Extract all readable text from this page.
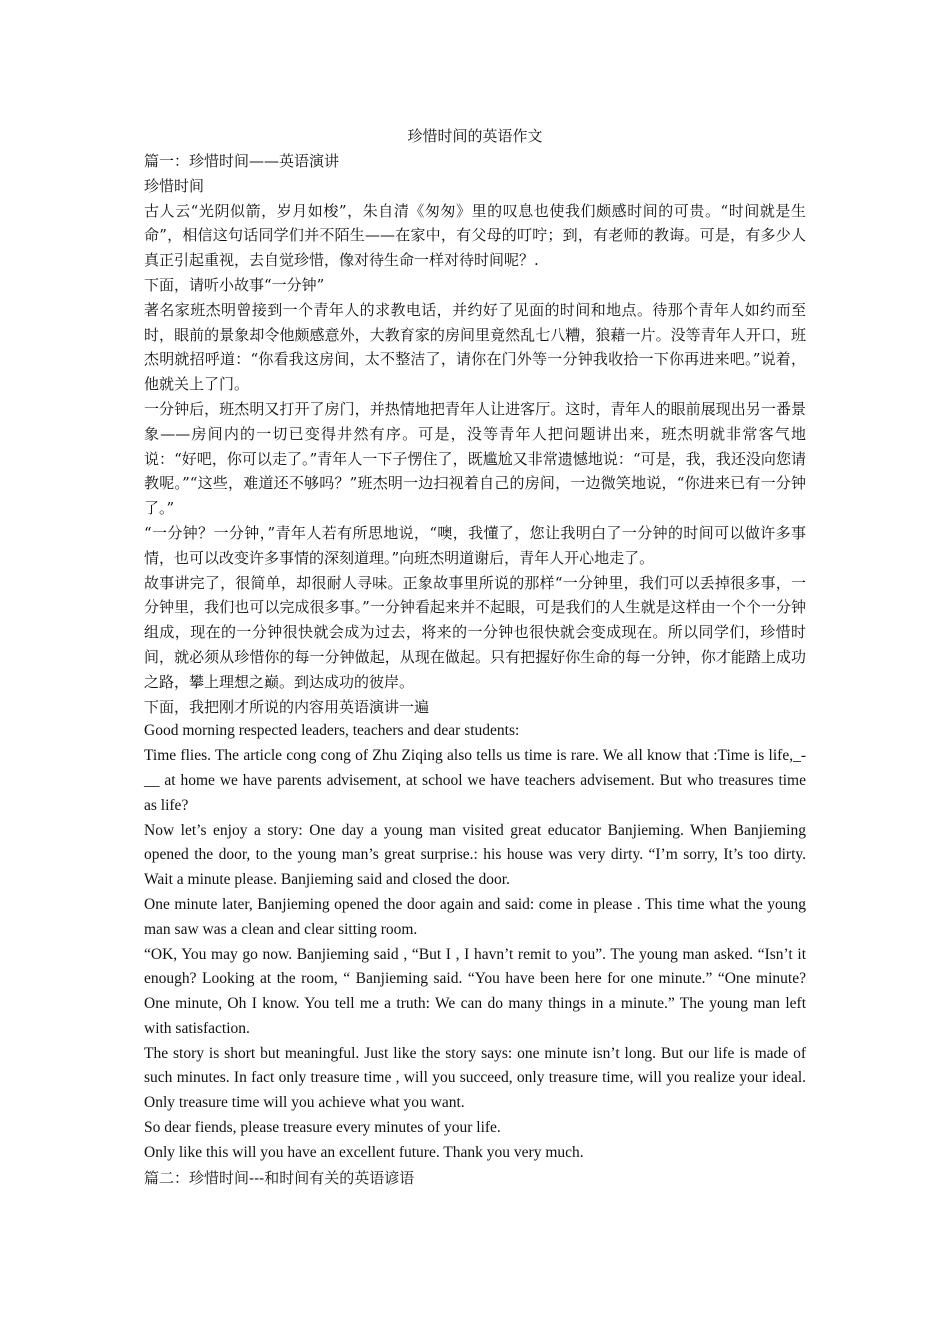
珍惜时间的英语作文

篇一：珍惜时间——英语演讲

珍惜时间

古人云“光阴似箭，岁月如梭”，朱自清《匆匆》里的叹息也使我们颇感时间的可贵。“时间就是生命”，相信这句话同学们并不陌生——在家中，有父母的叮咛；到，有老师的教诲。可是，有多少人真正引起重视，去自觉珍惜，像对待生命一样对待时间呢？.

下面，请听小故事“一分钟”

著名家班杰明曾接到一个青年人的求教电话，并约好了见面的时间和地点。待那个青年人如约而至时，眼前的景象却令他颇感意外，大教育家的房间里竟然乱七八糟，狼藉一片。没等青年人开口，班杰明就招呼道：“你看我这房间，太不整洁了，请你在门外等一分钟我收拾一下你再进来吧。”说着，他就关上了门。

一分钟后，班杰明又打开了房门，并热情地把青年人让进客厅。这时，青年人的眼前展现出另一番景象——房间内的一切已变得井然有序。可是，没等青年人把问题讲出来，班杰明就非常客气地说：“好吧，你可以走了。”青年人一下子愣住了，既尴尬又非常遗憾地说：“可是，我，我还没向您请教呢。”“这些，难道还不够吗？”班杰明一边扫视着自己的房间，一边微笑地说，“你进来已有一分钟了。”

“一分钟？一分钟，”青年人若有所思地说，“噢，我懂了，您让我明白了一分钟的时间可以做许多事情，也可以改变许多事情的深刻道理。”向班杰明道谢后，青年人开心地走了。

故事讲完了，很简单，却很耐人寻味。正象故事里所说的那样“一分钟里，我们可以丢掉很多事，一分钟里，我们也可以完成很多事。”一分钟看起来并不起眼，可是我们的人生就是这样由一个个一分钟组成，现在的一分钟很快就会成为过去，将来的一分钟也很快就会变成现在。所以同学们，珍惜时间，就必须从珍惜你的每一分钟做起，从现在做起。只有把握好你生命的每一分钟，你才能踏上成功之路，攀上理想之巅。到达成功的彼岸。

下面，我把刚才所说的内容用英语演讲一遍

Good morning respected leaders, teachers and dear students:

Time flies. The article cong cong of Zhu Ziqing also tells us time is rare. We all know that :Time is life,_-__ at home we have parents advisement, at school we have teachers advisement. But who treasures time as life?

Now let’s enjoy a story: One day a young man visited great educator Banjieming. When Banjieming opened the door, to the young man’s great surprise.: his house was very dirty. “I’m sorry, It’s too dirty. Wait a minute please. Banjieming said and closed the door.

One minute later, Banjieming opened the door again and said: come in please . This time what the young man saw was a clean and clear sitting room.

“OK, You may go now. Banjieming said , “But I , I havn’t remit to you”. The young man asked. “Isn’t it enough? Looking at the room, “ Banjieming said. “You have been here for one minute.” “One minute? One minute, Oh I know. You tell me a truth: We can do many things in a minute.” The young man left with satisfaction.

The story is short but meaningful. Just like the story says: one minute isn’t long. But our life is made of such minutes. In fact only treasure time , will you succeed, only treasure time, will you realize your ideal. Only treasure time will you achieve what you want.

So dear fiends, please treasure every minutes of your life.

Only like this will you have an excellent future. Thank you very much.

篇二：珍惜时间---和时间有关的英语谚语
